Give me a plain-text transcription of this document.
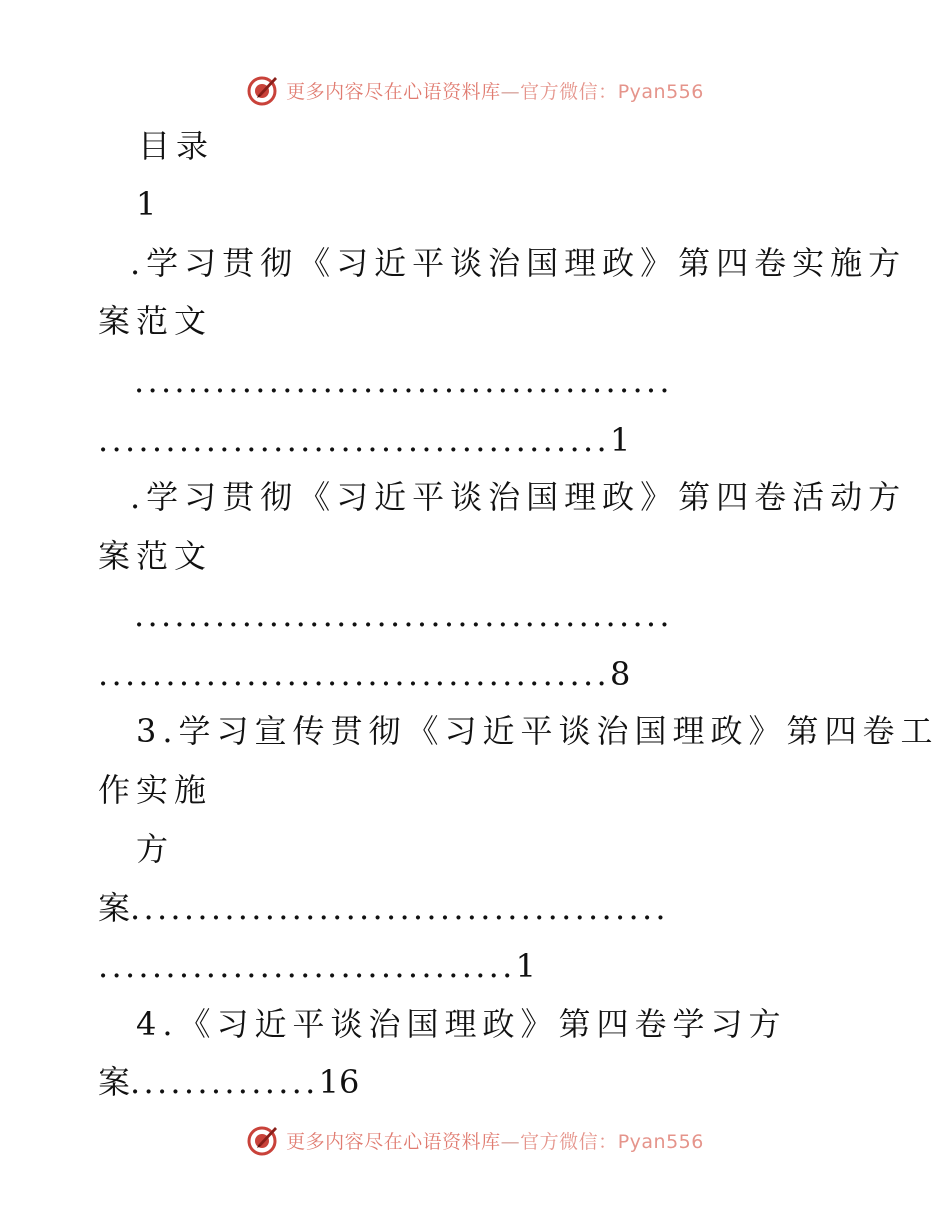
更多内容尽在心语资料库—官方微信：Pyan556
目录
1
.学习贯彻《习近平谈治国理政》第四卷实施方
案范文
........................................
......................................1
.学习贯彻《习近平谈治国理政》第四卷活动方
案范文
........................................
......................................8
3.学习宣传贯彻《习近平谈治国理政》第四卷工
作实施
方
案........................................
...............................1
4.《习近平谈治国理政》第四卷学习方
案..............16
更多内容尽在心语资料库—官方微信：Pyan556
